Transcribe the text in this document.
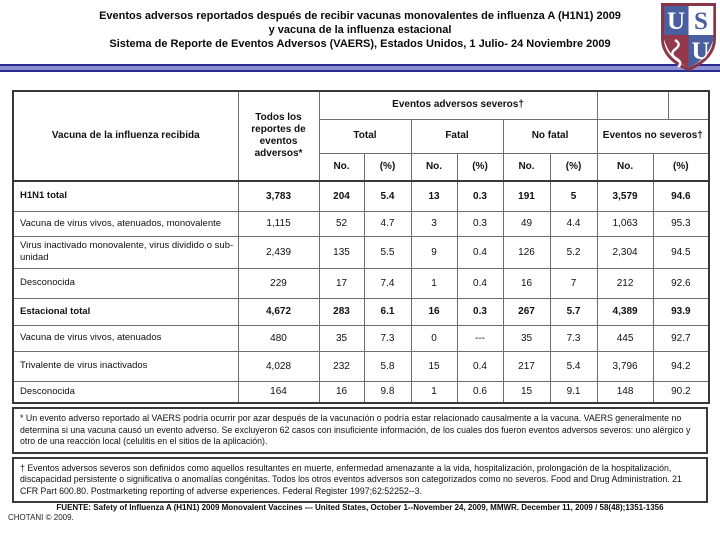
Eventos adversos reportados después de recibir vacunas monovalentes de influenza A (H1N1) 2009
y vacuna de la influenza estacional
Sistema de Reporte de Eventos Adversos (VAERS), Estados Unidos, 1 Julio- 24 Noviembre 2009
U S
U
Vacuna de la influenza recibida	Todos los reportes de eventos adversos*	Eventos adversos severos†							
		Total		Fatal		No fatal		Eventos no severos†	
		No.	(%)	No.	(%)	No.	(%)	No.	(%)
H1N1 total	3,783	204	5.4	13	0.3	191	5	3,579	94.6
Vacuna de virus vivos, atenuados, monovalente	1,115	52	4.7	3	0.3	49	4.4	1,063	95.3
Virus inactivado monovalente, virus dividido o sub-unidad	2,439	135	5.5	9	0.4	126	5.2	2,304	94.5
Desconocida	229	17	7.4	1	0.4	16	7	212	92.6
Estacional total	4,672	283	6.1	16	0.3	267	5.7	4,389	93.9
Vacuna de virus vivos, atenuados	480	35	7.3	0	---	35	7.3	445	92.7
Trivalente de virus inactivados	4,028	232	5.8	15	0.4	217	5.4	3,796	94.2
Desconocida	164	16	9.8	1	0.6	15	9.1	148	90.2
* Un evento adverso reportado al VAERS podría ocurrir por azar después de la vacunación o podría estar relacionado causalmente a la vacuna. VAERS generalmente no determina si una vacuna causó un evento adverso. Se excluyeron 62 casos con insuficiente información, de los cuales dos fueron eventos adversos severos: uno alérgico y otro de una reacción local (celulitis en el sitios de la aplicación).
† Eventos adversos severos son definidos como aquellos resultantes en muerte, enfermedad amenazante a la vida, hospitalización, prolongación de la hospitalización, discapacidad persistente o significativa o anomalías congénitas. Todos los otros eventos adversos son categorizados como no severos. Food and Drug Administration. 21 CFR Part 600.80. Postmarketing reporting of adverse experiences. Federal Register 1997;62:52252--3.
FUENTE: Safety of Influenza A (H1N1) 2009 Monovalent Vaccines --- United States, October 1--November 24, 2009, MMWR. December 11, 2009 / 58(48);1351-1356
CHOTANI © 2009.
